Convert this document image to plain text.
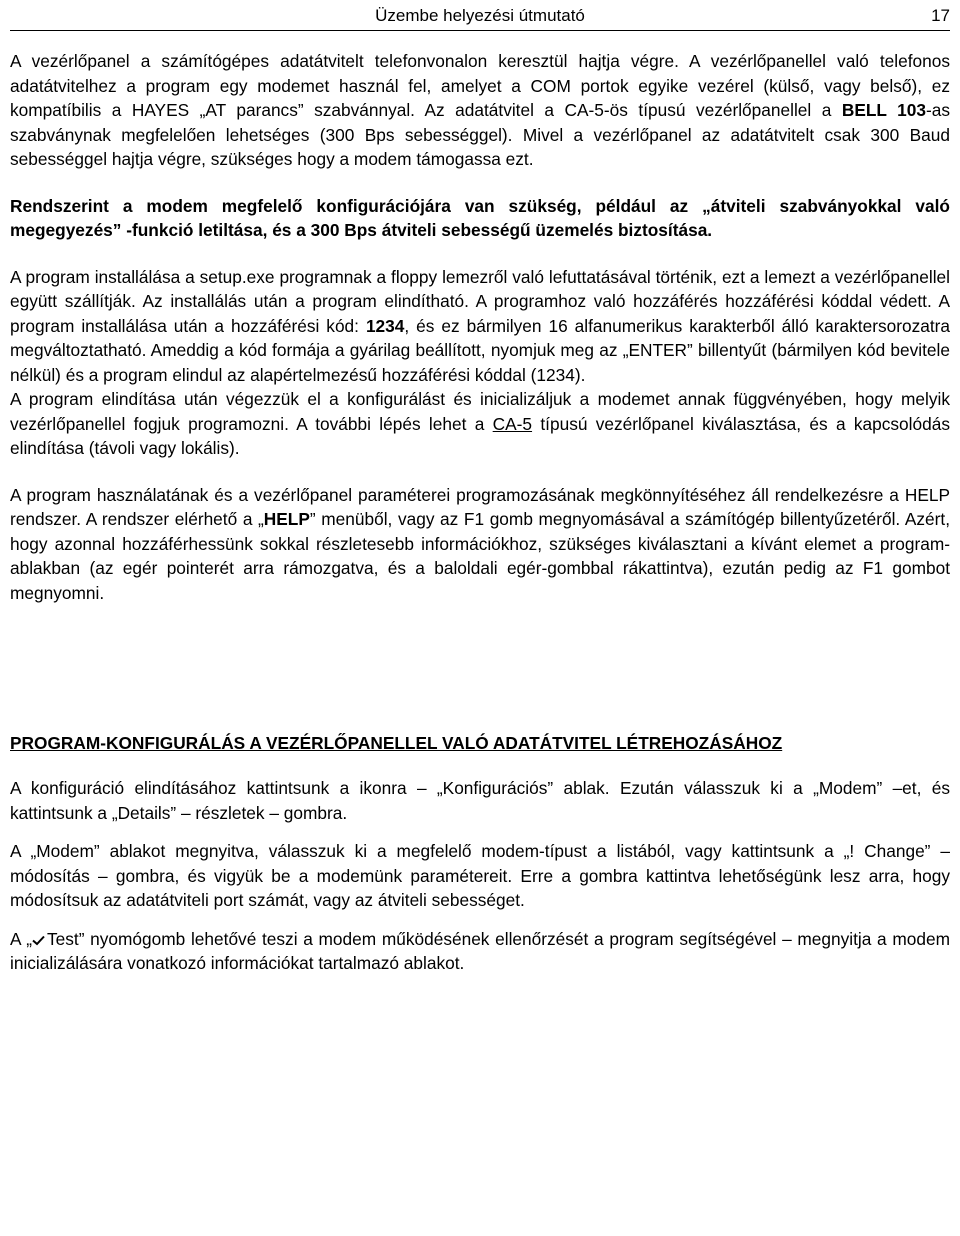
Üzembe helyezési útmutató	17

A vezérlőpanel a számítógépes adatátvitelt telefonvonalon keresztül hajtja végre. A vezérlőpanellel való telefonos adatátvitelhez a program egy modemet használ fel, amelyet a COM portok egyike vezérel (külső, vagy belső), ez kompatíbilis a HAYES „AT parancs” szabvánnyal. Az adatátvitel a CA-5-ös típusú vezérlőpanellel a BELL 103-as szabványnak megfelelően lehetséges (300 Bps sebességgel). Mivel a vezérlőpanel az adatátvitelt csak 300 Baud sebességgel hajtja végre, szükséges hogy a modem támogassa ezt.

Rendszerint a modem megfelelő konfigurációjára van szükség, például az „átviteli szabványokkal való megegyezés” -funkció letiltása, és a 300 Bps átviteli sebességű üzemelés biztosítása.

A program installálása a setup.exe programnak a floppy lemezről való lefuttatásával történik, ezt a lemezt a vezérlőpanellel együtt szállítják. Az installálás után a program elindítható. A programhoz való hozzáférés hozzáférési kóddal védett. A program installálása után a hozzáférési kód: 1234, és ez bármilyen 16 alfanumerikus karakterből álló karaktersorozatra megváltoztatható. Ameddig a kód formája a gyárilag beállított, nyomjuk meg az „ENTER” billentyűt (bármilyen kód bevitele nélkül) és a program elindul az alapértelmezésű hozzáférési kóddal (1234).

A program elindítása után végezzük el a konfigurálást és inicializáljuk a modemet annak függvényében, hogy melyik vezérlőpanellel fogjuk programozni. A további lépés lehet a CA-5 típusú vezérlőpanel kiválasztása, és a kapcsolódás elindítása (távoli vagy lokális).

A program használatának és a vezérlőpanel paraméterei programozásának megkönnyítéséhez áll rendelkezésre a HELP rendszer. A rendszer elérhető a „HELP” menüből, vagy az F1 gomb megnyomásával a számítógép billentyűzetéről. Azért, hogy azonnal hozzáférhessünk sokkal részletesebb információkhoz, szükséges kiválasztani a kívánt elemet a program-ablakban (az egér pointerét arra rámozgatva, és a baloldali egér-gombbal rákattintva), ezután pedig az F1 gombot megnyomni.

PROGRAM-KONFIGURÁLÁS A VEZÉRLŐPANELLEL VALÓ ADATÁTVITEL LÉTREHOZÁSÁHOZ

A konfiguráció elindításához kattintsunk a ikonra – „Konfigurációs” ablak. Ezután válasszuk ki a „Modem” –et, és kattintsunk a „Details” – részletek – gombra.

A „Modem” ablakot megnyitva, válasszuk ki a megfelelő modem-típust a listából, vagy kattintsunk a „! Change” – módosítás – gombra, és vigyük be a modemünk paramétereit. Erre a gombra kattintva lehetőségünk lesz arra, hogy módosítsuk az adatátviteli port számát, vagy az átviteli sebességet.

A „ Test” nyomógomb lehetővé teszi a modem működésének ellenőrzését a program segítségével – megnyitja a modem inicializálására vonatkozó információkat tartalmazó ablakot.
